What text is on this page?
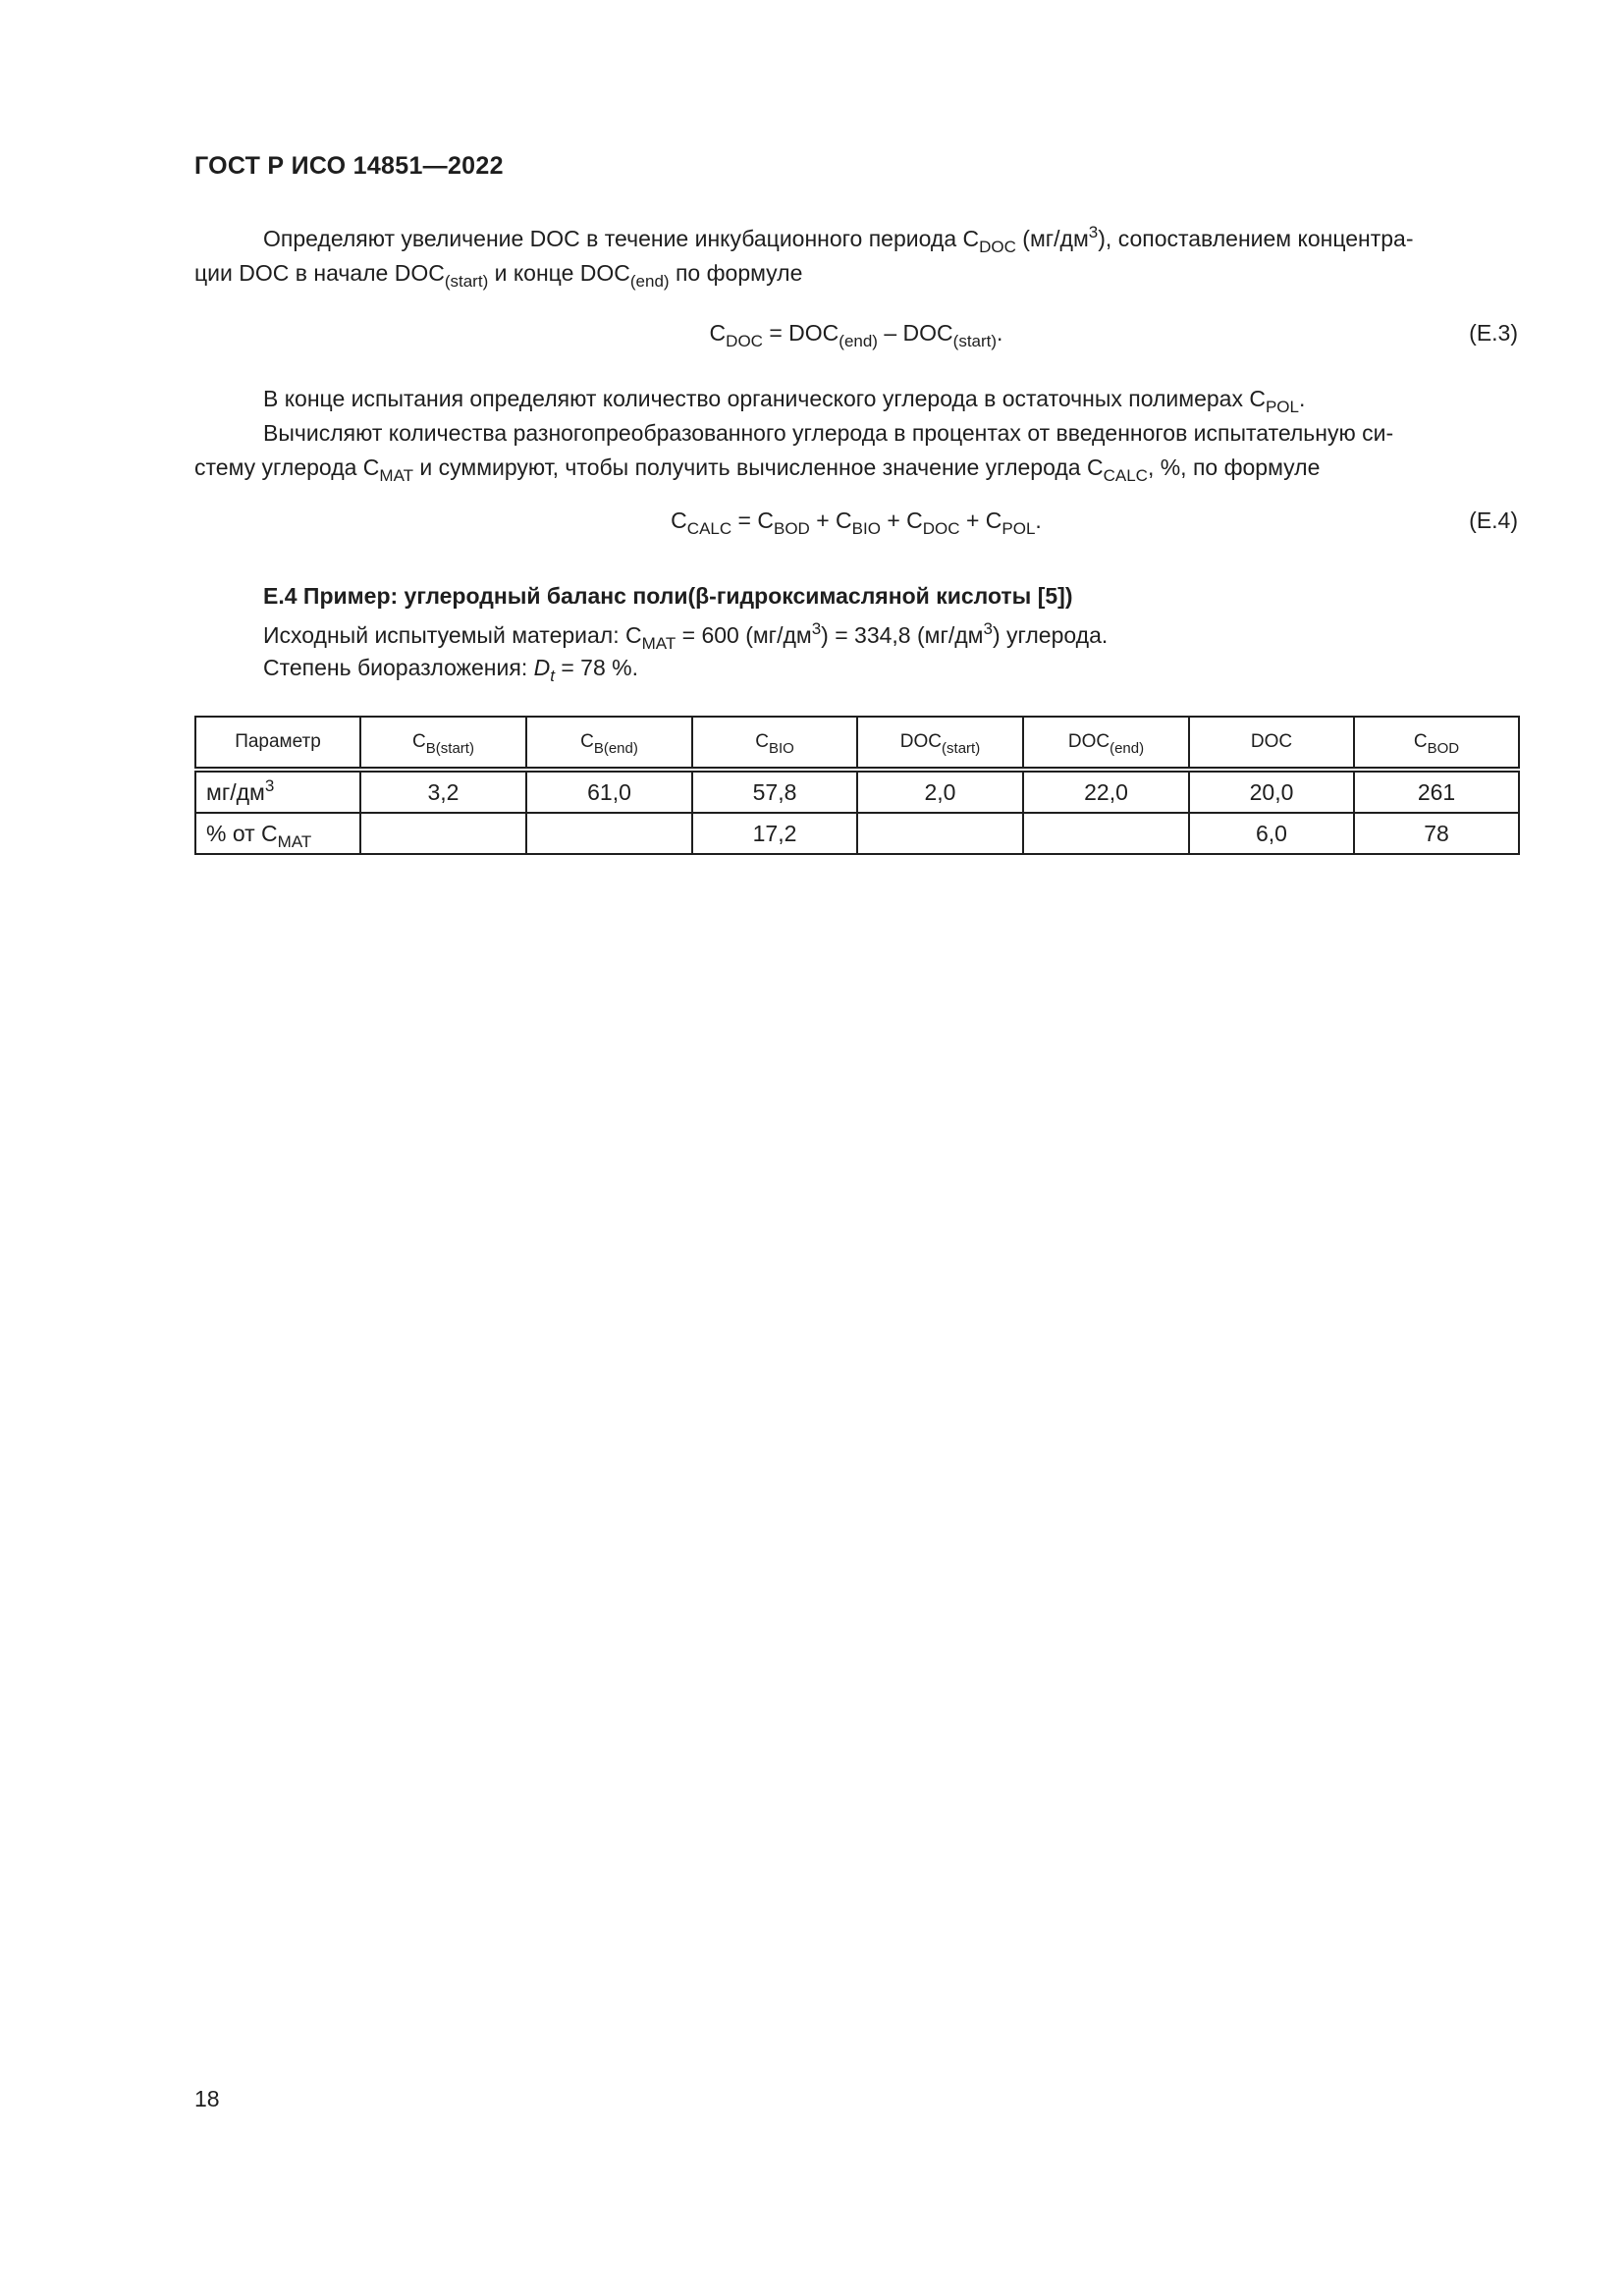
ГОСТ Р ИСО 14851—2022
Определяют увеличение DOC в течение инкубационного периода $C_{DOC}$ $(мг/дм^3)$, сопоставлением концентра-
ции DOC в начале $DOC_{(start)}$ и конце $DOC_{(end)}$ по формуле
$C_{DOC} = DOC_{(end)} - DOC_{(start)}$.	(E.3)
В конце испытания определяют количество органического углерода в остаточных полимерах $C_{POL}$.
Вычисляют количества разногопреобразованного углерода в процентах от введенногов испытательную си-
стему углерода $C_{MAT}$ и суммируют, чтобы получить вычисленное значение углерода $C_{CALC}$, %, по формуле
$C_{CALC} = C_{BOD} + C_{BIO} + C_{DOC} + C_{POL}$.	(E.4)
Е.4 Пример: углеродный баланс поли(β-гидроксимасляной кислоты [5])
Исходный испытуемый материал: $C_{MAT} = 600$ $(мг/дм^3) = 334,8$ $(мг/дм^3)$ углерода.
Степень биоразложения: $D_t = 78$ %.
Параметр	$C_{B(start)}$	$C_{B(end)}$	$C_{BIO}$	$DOC_{(start)}$	$DOC_{(end)}$	DOC	$C_{BOD}$
$мг/дм^3$	3,2	61,0	57,8	2,0	22,0	20,0	261
% от $C_{MAT}$			17,2			6,0	78
18
